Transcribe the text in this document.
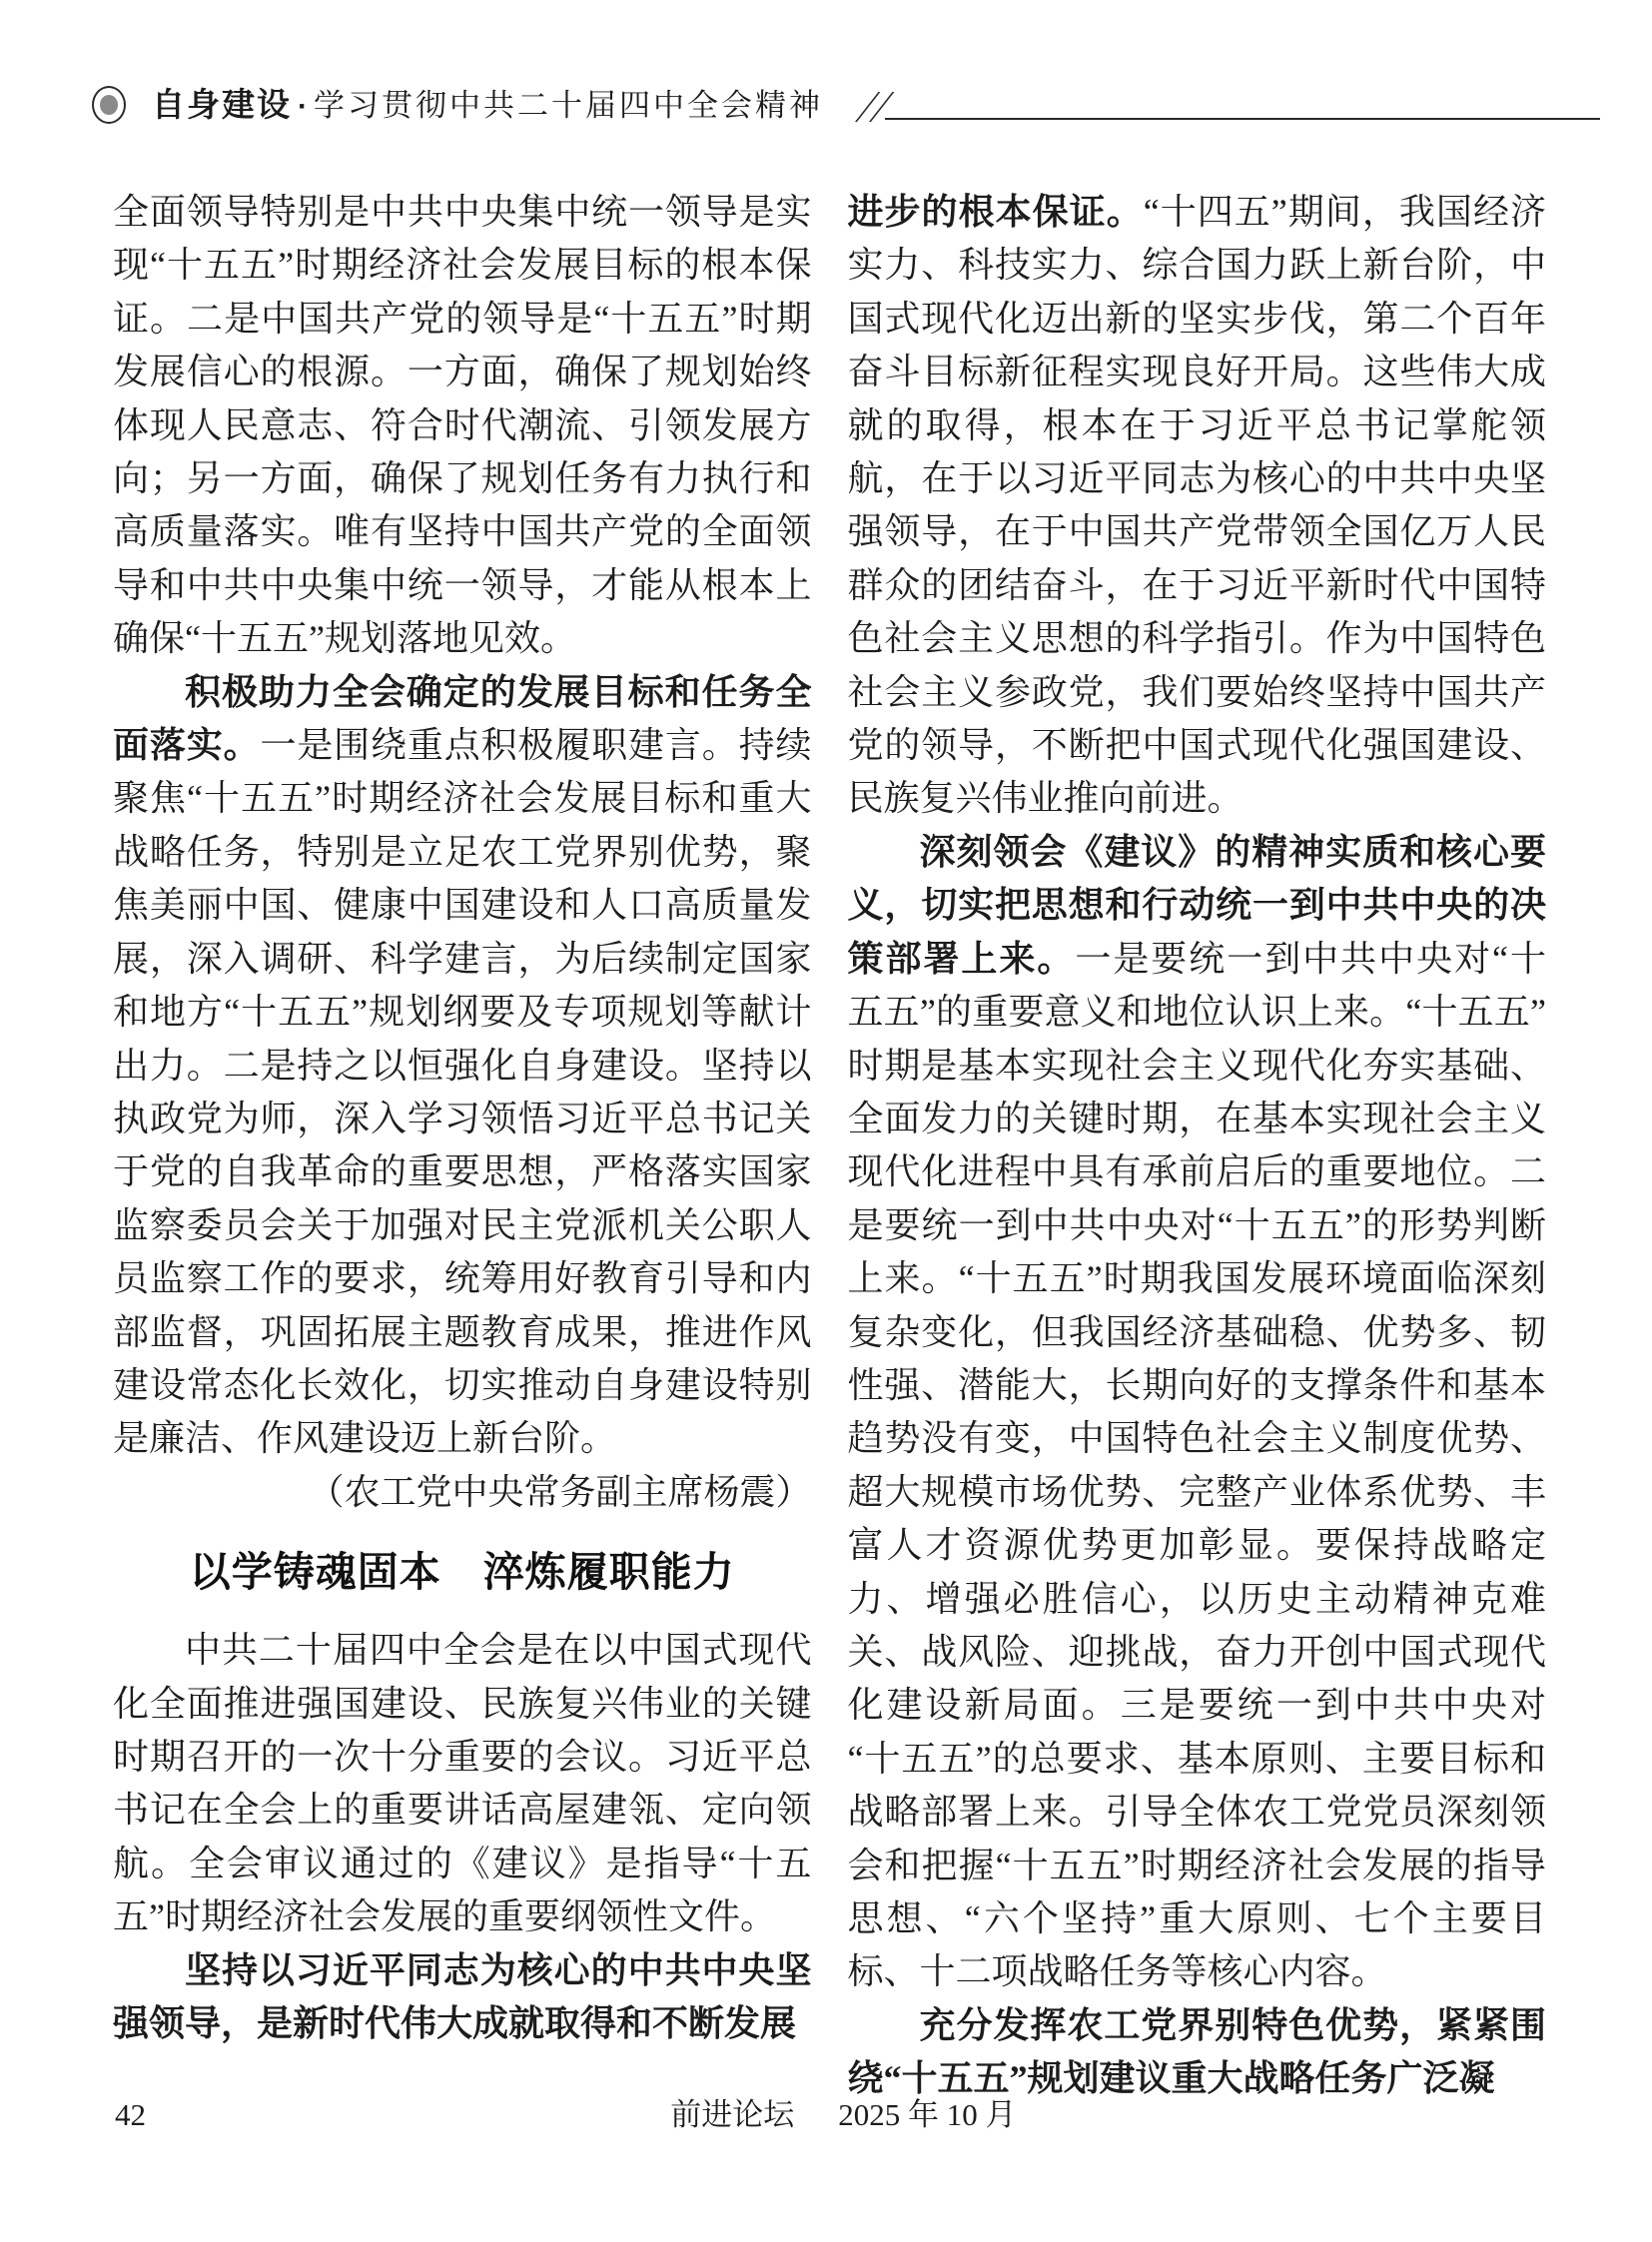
自身建设 · 学习贯彻中共二十届四中全会精神

全面领导特别是中共中央集中统一领导是实现“十五五”时期经济社会发展目标的根本保证。二是中国共产党的领导是“十五五”时期发展信心的根源。一方面，确保了规划始终体现人民意志、符合时代潮流、引领发展方向；另一方面，确保了规划任务有力执行和高质量落实。唯有坚持中国共产党的全面领导和中共中央集中统一领导，才能从根本上确保“十五五”规划落地见效。

积极助力全会确定的发展目标和任务全面落实。一是围绕重点积极履职建言。持续聚焦“十五五”时期经济社会发展目标和重大战略任务，特别是立足农工党界别优势，聚焦美丽中国、健康中国建设和人口高质量发展，深入调研、科学建言，为后续制定国家和地方“十五五”规划纲要及专项规划等献计出力。二是持之以恒强化自身建设。坚持以执政党为师，深入学习领悟习近平总书记关于党的自我革命的重要思想，严格落实国家监察委员会关于加强对民主党派机关公职人员监察工作的要求，统筹用好教育引导和内部监督，巩固拓展主题教育成果，推进作风建设常态化长效化，切实推动自身建设特别是廉洁、作风建设迈上新台阶。

（农工党中央常务副主席杨震）

以学铸魂固本　淬炼履职能力

中共二十届四中全会是在以中国式现代化全面推进强国建设、民族复兴伟业的关键时期召开的一次十分重要的会议。习近平总书记在全会上的重要讲话高屋建瓴、定向领航。全会审议通过的《建议》是指导“十五五”时期经济社会发展的重要纲领性文件。

坚持以习近平同志为核心的中共中央坚强领导，是新时代伟大成就取得和不断发展

进步的根本保证。“十四五”期间，我国经济实力、科技实力、综合国力跃上新台阶，中国式现代化迈出新的坚实步伐，第二个百年奋斗目标新征程实现良好开局。这些伟大成就的取得，根本在于习近平总书记掌舵领航，在于以习近平同志为核心的中共中央坚强领导，在于中国共产党带领全国亿万人民群众的团结奋斗，在于习近平新时代中国特色社会主义思想的科学指引。作为中国特色社会主义参政党，我们要始终坚持中国共产党的领导，不断把中国式现代化强国建设、民族复兴伟业推向前进。

深刻领会《建议》的精神实质和核心要义，切实把思想和行动统一到中共中央的决策部署上来。一是要统一到中共中央对“十五五”的重要意义和地位认识上来。“十五五”时期是基本实现社会主义现代化夯实基础、全面发力的关键时期，在基本实现社会主义现代化进程中具有承前启后的重要地位。二是要统一到中共中央对“十五五”的形势判断上来。“十五五”时期我国发展环境面临深刻复杂变化，但我国经济基础稳、优势多、韧性强、潜能大，长期向好的支撑条件和基本趋势没有变，中国特色社会主义制度优势、超大规模市场优势、完整产业体系优势、丰富人才资源优势更加彰显。要保持战略定力、增强必胜信心，以历史主动精神克难关、战风险、迎挑战，奋力开创中国式现代化建设新局面。三是要统一到中共中央对“十五五”的总要求、基本原则、主要目标和战略部署上来。引导全体农工党党员深刻领会和把握“十五五”时期经济社会发展的指导思想、“六个坚持”重大原则、七个主要目标、十二项战略任务等核心内容。

充分发挥农工党界别特色优势，紧紧围绕“十五五”规划建议重大战略任务广泛凝

42	前进论坛 2025 年 10 月
